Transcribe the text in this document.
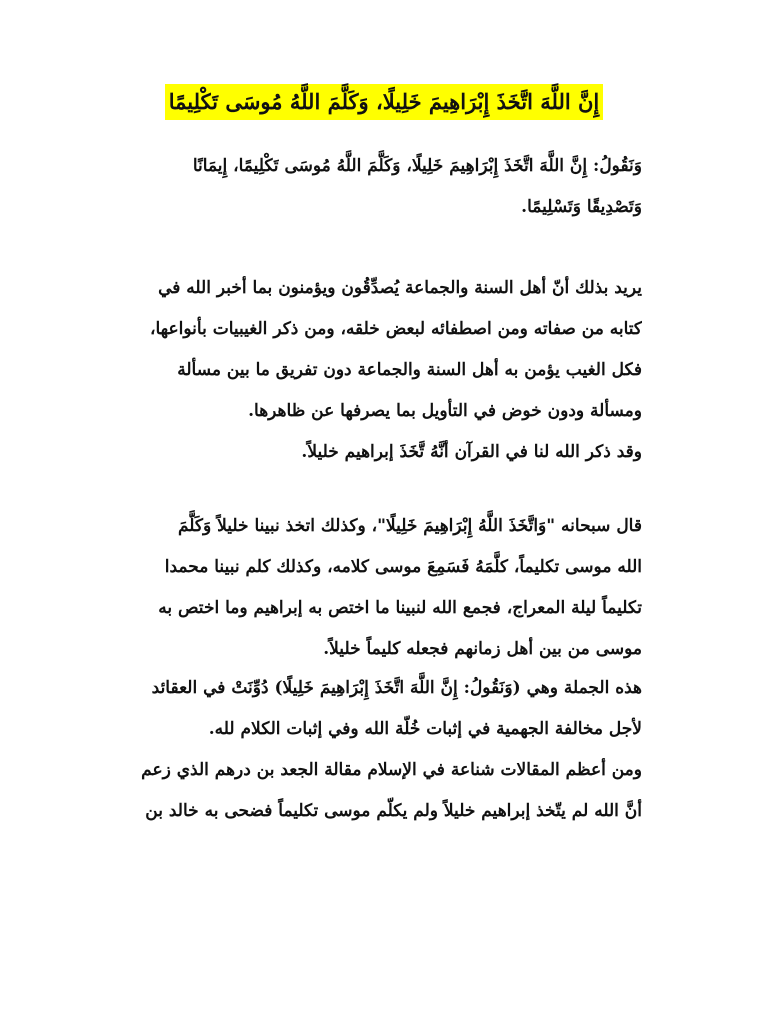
إِنَّ اللَّهَ اتَّخَذَ إِبْرَاهِيمَ خَلِيلًا، وَكَلَّمَ اللَّهُ مُوسَى تَكْلِيمًا

وَنَقُولُ: إِنَّ اللَّهَ اتَّخَذَ إِبْرَاهِيمَ خَلِيلًا، وَكَلَّمَ اللَّهُ مُوسَى تَكْلِيمًا، إِيمَانًا
وَتَصْدِيقًا وَتَسْلِيمًا.

يريد بذلك أنّ أهل السنة والجماعة يُصدِّقُون ويؤمنون بما أخبر الله في
كتابه من صفاته ومن اصطفائه لبعض خلقه، ومن ذكر الغيبيات بأنواعها،
فكل الغيب يؤمن به أهل السنة والجماعة دون تفريق ما بين مسألة
ومسألة ودون خوض في التأويل بما يصرفها عن ظاهرها.
وقد ذكر الله لنا في القرآن أنَّهُ تَّخَذَ إبراهيم خليلاً.

قال سبحانه "وَاتَّخَذَ اللَّهُ إِبْرَاهِيمَ خَلِيلًا"، وكذلك اتخذ نبينا خليلاً وَكَلَّمَ
الله موسى تكليماً، كلَّمَهُ فَسَمِعَ موسى كلامه، وكذلك كلم نبينا محمدا
تكليماً ليلة المعراج، فجمع الله لنبينا ما اختص به إبراهيم وما اختص به
موسى من بين أهل زمانهم فجعله كليماً خليلاً.

هذه الجملة وهي (وَنَقُولُ: إِنَّ اللَّهَ اتَّخَذَ إِبْرَاهِيمَ خَلِيلًا) دُوِّنَتْ في العقائد
لأجل مخالفة الجهمية في إثبات خُلّة الله وفي إثبات الكلام لله.
ومن أعظم المقالات شناعة في الإسلام مقالة الجعد بن درهم الذي زعم
أنَّ الله لم يتّخذ إبراهيم خليلاً ولم يكلّم موسى تكليماً فضحى به خالد بن
